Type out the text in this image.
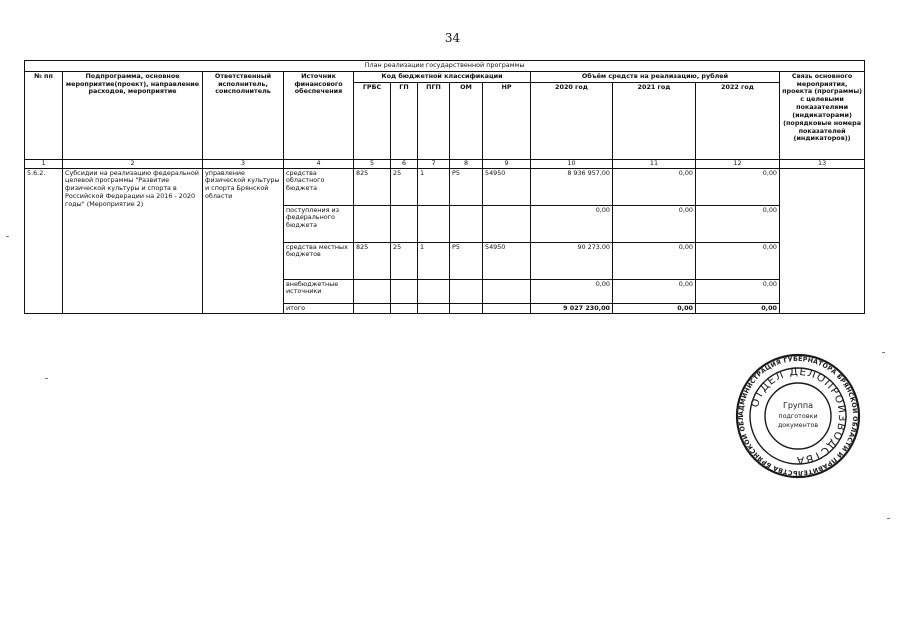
34
План реализации государственной программы												
№ пп	Подпрограмма, основное мероприятие(проект), направление расходов, мероприятие	Ответственный исполнитель, соисполнитель	Источник финансового обеспечения	Код бюджетной классификации					Объём средств на реализацию, рублей			Связь основного мероприятия, проекта (программы) с целевыми показателями (индикаторами) (порядковые номера показателей (индикаторов))
				ГРБС	ГП	ПГП	ОМ	НР	2020 год	2021 год	2022 год	
1	2	3	4	5	6	7	8	9	10	11	12	13
5.6.2.	Субсидии на реализацию федеральной целевой программы "Развитие физической культуры и спорта в Российской Федерации на 2016 - 2020 годы" (Мероприятие 2)	управление физической культуры и спорта Брянской области	средства областного бюджета	825	25	1	P5	54950	8 936 957,00	0,00	0,00	
			поступления из федерального бюджета						0,00	0,00	0,00	
			средства местных бюджетов	825	25	1	P5	54950	90 273,00	0,00	0,00	
			внебюджетные источники						0,00	0,00	0,00	
			итого						9 027 230,00	0,00	0,00	
АДМИНИСТРАЦИЯ ГУБЕРНАТОРА БРЯНСКОЙ ОБЛАСТИ И ПРАВИТЕЛЬСТВА БРЯНСКОЙ ОБЛ
ОТДЕЛ ДЕЛОПРОИЗВОДСТВА
Группа
подготовки
документов
